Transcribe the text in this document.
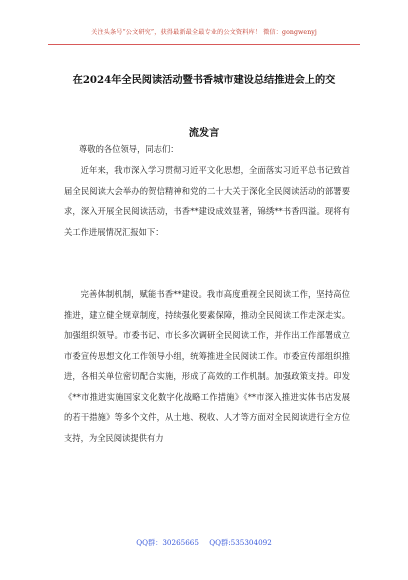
关注头条号“公文研究”，获得最新最全最专业的公文资料库！ 微信：gongwenyj
在2024年全民阅读活动暨书香城市建设总结推进会上的交
流发言
尊敬的各位领导，同志们：

近年来，我市深入学习贯彻习近平文化思想，全面落实习近平总书记致首届全民阅读大会举办的贺信精神和党的二十大关于深化全民阅读活动的部署要求，深入开展全民阅读活动，书香**建设成效显著，锦绣**书香四溢。现将有关工作进展情况汇报如下：

完善体制机制，赋能书香**建设。我市高度重视全民阅读工作，坚持高位推进，建立健全规章制度，持续强化要素保障，推动全民阅读工作走深走实。加强组织领导。市委书记、市长多次调研全民阅读工作，并作出工作部署成立市委宣传思想文化工作领导小组，统筹推进全民阅读工作。市委宣传部组织推进，各相关单位密切配合实施，形成了高效的工作机制。加强政策支持。印发《**市推进实施国家文化数字化战略工作措施》《**市深入推进实体书店发展的若干措施》等多个文件，从土地、税收、人才等方面对全民阅读进行全方位支持，为全民阅读提供有力

QQ群：30265665 QQ群:535304092
